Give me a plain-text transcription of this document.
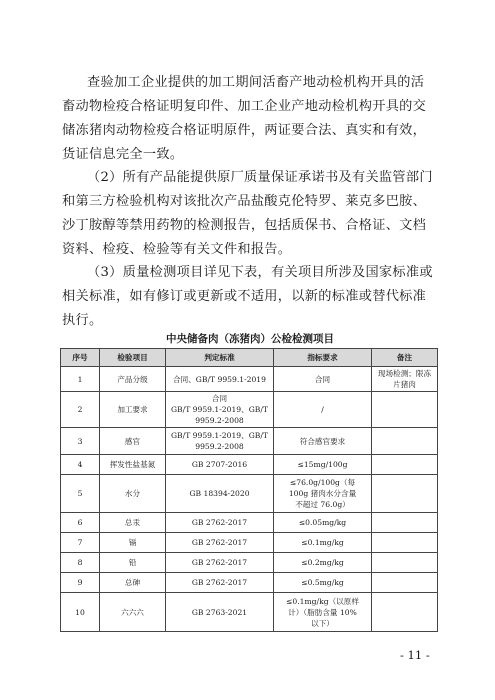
查验加工企业提供的加工期间活畜产地动检机构开具的活
畜动物检疫合格证明复印件、加工企业产地动检机构开具的交
储冻猪肉动物检疫合格证明原件，两证要合法、真实和有效，
货证信息完全一致。

（2）所有产品能提供原厂质量保证承诺书及有关监管部门
和第三方检验机构对该批次产品盐酸克伦特罗、莱克多巴胺、
沙丁胺醇等禁用药物的检测报告，包括质保书、合格证、文档
资料、检疫、检验等有关文件和报告。

（3）质量检测项目详见下表，有关项目所涉及国家标准或
相关标准，如有修订或更新或不适用，以新的标准或替代标准
执行。

中央储备肉（冻猪肉）公检检测项目
序号	检验项目	判定标准	指标要求	备注
1	产品分级	合同、GB/T 9959.1-2019	合同	现场检测；限冻
片猪肉

2	加工要求	合同
GB/T 9959.1-2019、GB/T
9959.2-2008	/	

3	感官	GB/T 9959.1-2019、GB/T
9959.2-2008	符合感官要求	

4	挥发性盐基氮	GB 2707-2016	≤15mg/100g	

5	水分	GB 18394-2020	≤76.0g/100g（每
100g 猪肉水分含量
不超过 76.0g）	

6	总汞	GB 2762-2017	≤0.05mg/kg	

7	镉	GB 2762-2017	≤0.1mg/kg	

8	铅	GB 2762-2017	≤0.2mg/kg	

9	总砷	GB 2762-2017	≤0.5mg/kg	

10	六六六	GB 2763-2021	≤0.1mg/kg（以原样
计）（脂肪含量 10%
以下）	

- 11 -
